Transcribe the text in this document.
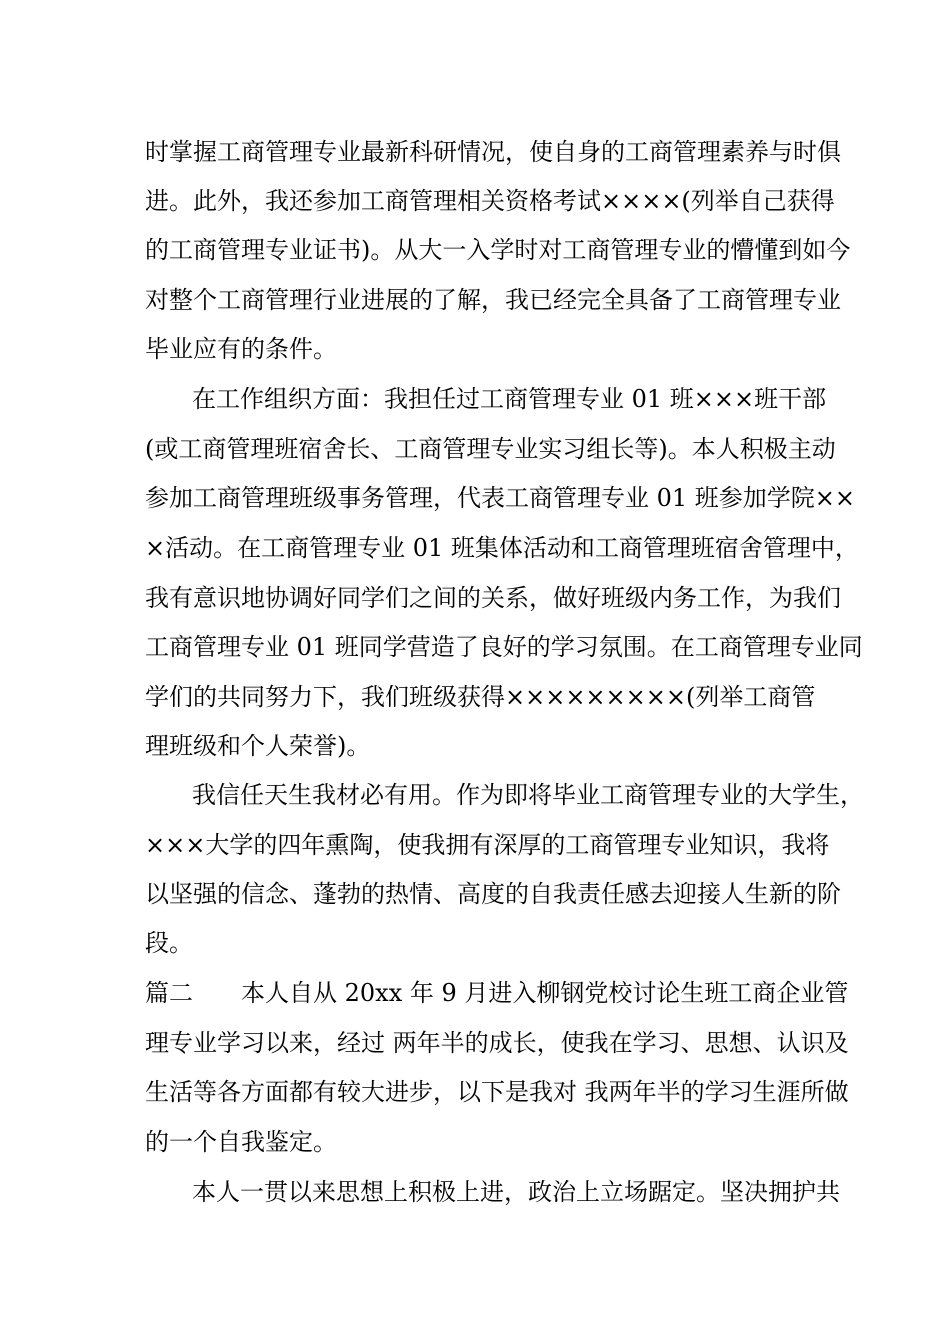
时掌握工商管理专业最新科研情况，使自身的工商管理素养与时俱
进。此外，我还参加工商管理相关资格考试××××(列举自己获得
的工商管理专业证书)。从大一入学时对工商管理专业的懵懂到如今
对整个工商管理行业进展的了解，我已经完全具备了工商管理专业
毕业应有的条件。
在工作组织方面：我担任过工商管理专业 01 班×××班干部
(或工商管理班宿舍长、工商管理专业实习组长等)。本人积极主动
参加工商管理班级事务管理，代表工商管理专业 01 班参加学院××
×活动。在工商管理专业 01 班集体活动和工商管理班宿舍管理中，
我有意识地协调好同学们之间的关系，做好班级内务工作，为我们
工商管理专业 01 班同学营造了良好的学习氛围。在工商管理专业同
学们的共同努力下，我们班级获得×××××××××(列举工商管
理班级和个人荣誉)。
我信任天生我材必有用。作为即将毕业工商管理专业的大学生，
×××大学的四年熏陶，使我拥有深厚的工商管理专业知识，我将
以坚强的信念、蓬勃的热情、高度的自我责任感去迎接人生新的阶
段。
篇二　　本人自从 20xx 年 9 月进入柳钢党校讨论生班工商企业管
理专业学习以来，经过 两年半的成长，使我在学习、思想、认识及
生活等各方面都有较大进步，以下是我对 我两年半的学习生涯所做
的一个自我鉴定。
本人一贯以来思想上积极上进，政治上立场踞定。坚决拥护共
